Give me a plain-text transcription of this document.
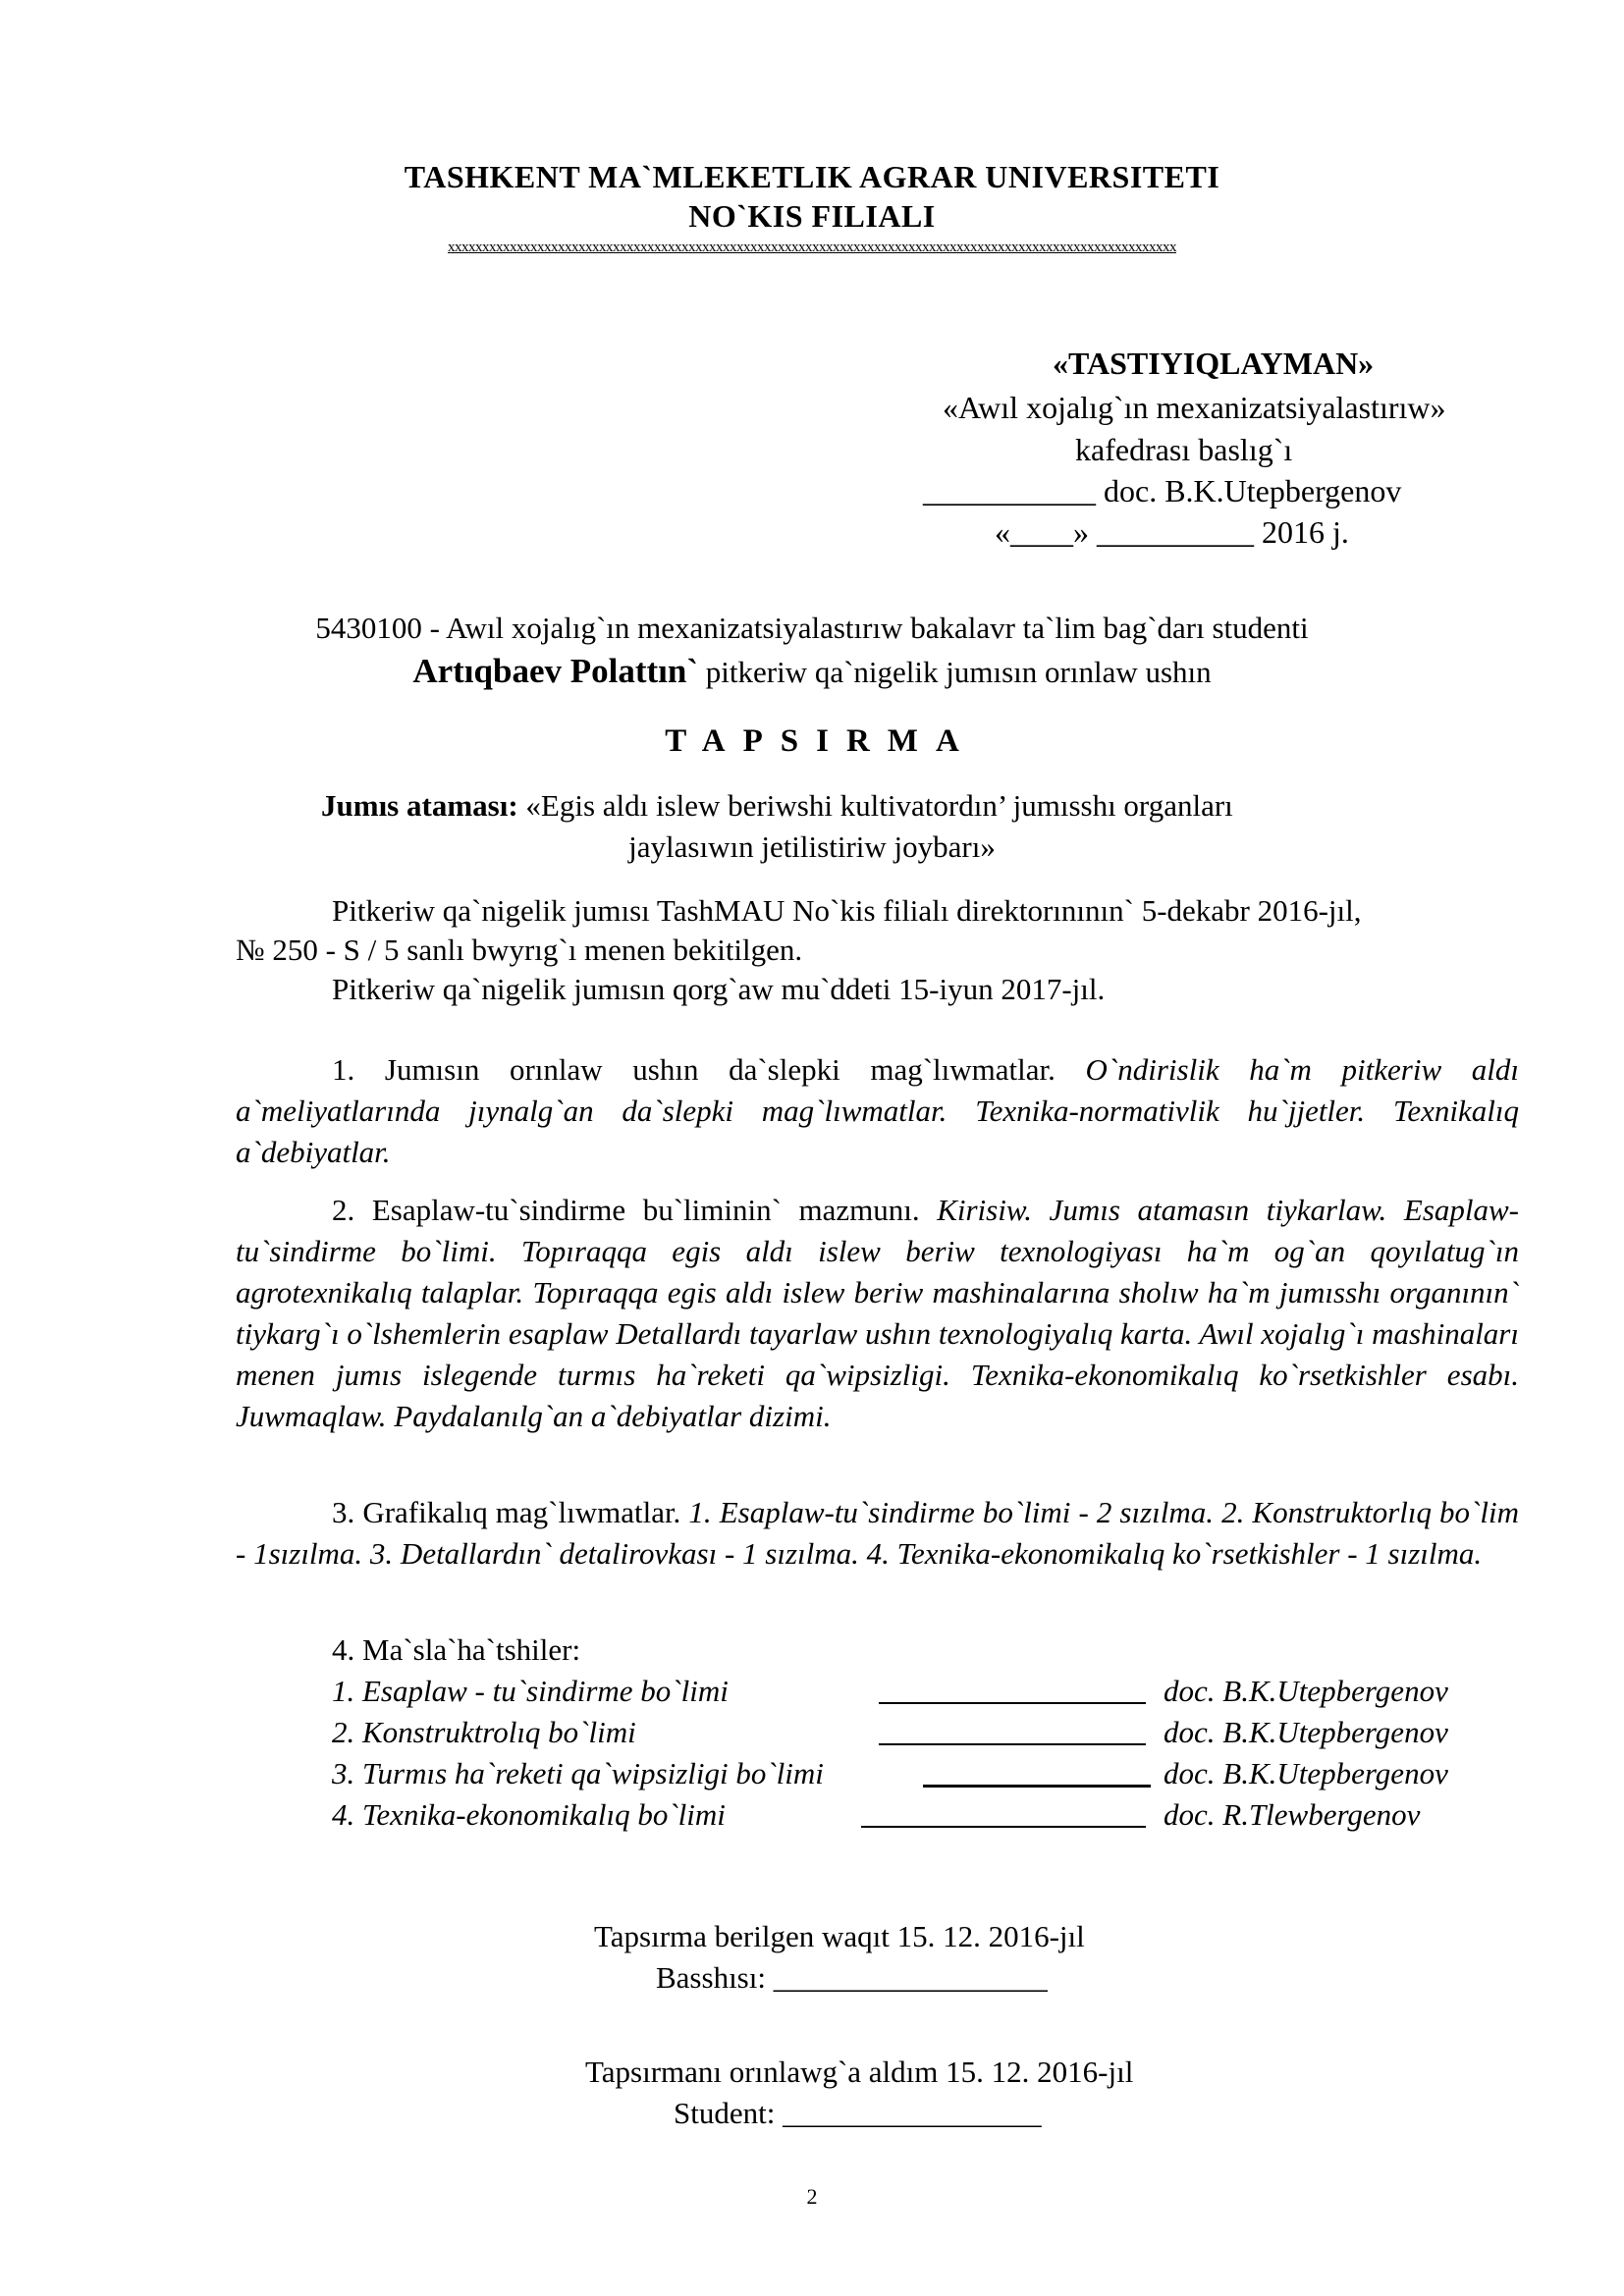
TASHKENT MA`MLEKETLIK AGRAR UNIVERSITETI
NO`KIS FILIALI
xxxxxxxxxxxxxxxxxxxxxxxxxxxxxxxxxxxxxxxxxxxxxxxxxxxxxxxxxxxxxxxxxxxxxxxxxxxxxxxxxxxxxxxxxxxxxxxxxxxxxxxxxx
«TASTIYIQLAYMAN»
«Awıl xojalıg`ın mexanizatsiyalastırıw»
kafedrası baslıg`ı
___________ doc. B.K.Utepbergenov
«____» __________ 2016 j.
5430100 - Awıl xojalıg`ın mexanizatsiyalastırıw bakalavr ta`lim bag`darı studenti
Artıqbaev Polattın` pitkeriw qa`nigelik jumısın orınlaw ushın
TAPSIRMA
Jumıs ataması: «Egis aldı islew beriwshi kultivatordın’ jumısshı organları
jaylasıwın jetilistiriw joybarı»
Pitkeriw qa`nigelik jumısı TashMAU No`kis filialı direktorınının` 5-dekabr 2016-jıl,
№ 250 - S / 5 sanlı bwyrıg`ı menen bekitilgen.
Pitkeriw qa`nigelik jumısın qorg`aw mu`ddeti 15-iyun 2017-jıl.
1. Jumısın orınlaw ushın da`slepki mag`lıwmatlar. O`ndirislik ha`m pitkeriw aldı a`meliyatlarında jıynalg`an da`slepki mag`lıwmatlar. Texnika-normativlik hu`jjetler. Texnikalıq a`debiyatlar.
2. Esaplaw-tu`sindirme bu`liminin` mazmunı. Kirisiw. Jumıs atamasın tiykarlaw. Esaplaw-tu`sindirme bo`limi. Topıraqqa egis aldı islew beriw texnologiyası ha`m og`an qoyılatug`ın agrotexnikalıq talaplar. Topıraqqa egis aldı islew beriw mashinalarına sholıw ha`m jumısshı organının` tiykarg`ı o`lshemlerin esaplaw Detallardı tayarlaw ushın texnologiyalıq karta. Awıl xojalıg`ı mashinaları menen jumıs islegende turmıs ha`reketi qa`wipsizligi. Texnika-ekonomikalıq ko`rsetkishler esabı. Juwmaqlaw. Paydalanılg`an a`debiyatlar dizimi.
3. Grafikalıq mag`lıwmatlar. 1. Esaplaw-tu`sindirme bo`limi - 2 sızılma. 2. Konstruktorlıq bo`lim - 1sızılma. 3. Detallardın` detalirovkası - 1 sızılma. 4. Texnika-ekonomikalıq ko`rsetkishler - 1 sızılma.
4. Ma`sla`ha`tshiler:
1. Esaplaw - tu`sindirme bo`limi	doc. B.K.Utepbergenov
2. Konstruktrolıq bo`limi	doc. B.K.Utepbergenov
3. Turmıs ha`reketi qa`wipsizligi bo`limi	doc. B.K.Utepbergenov
4. Texnika-ekonomikalıq bo`limi	doc. R.Tlewbergenov
Tapsırma berilgen waqıt 15. 12. 2016-jıl
Basshısı: __________________
Tapsırmanı orınlawg`a aldım 15. 12. 2016-jıl
Student: _________________
2
